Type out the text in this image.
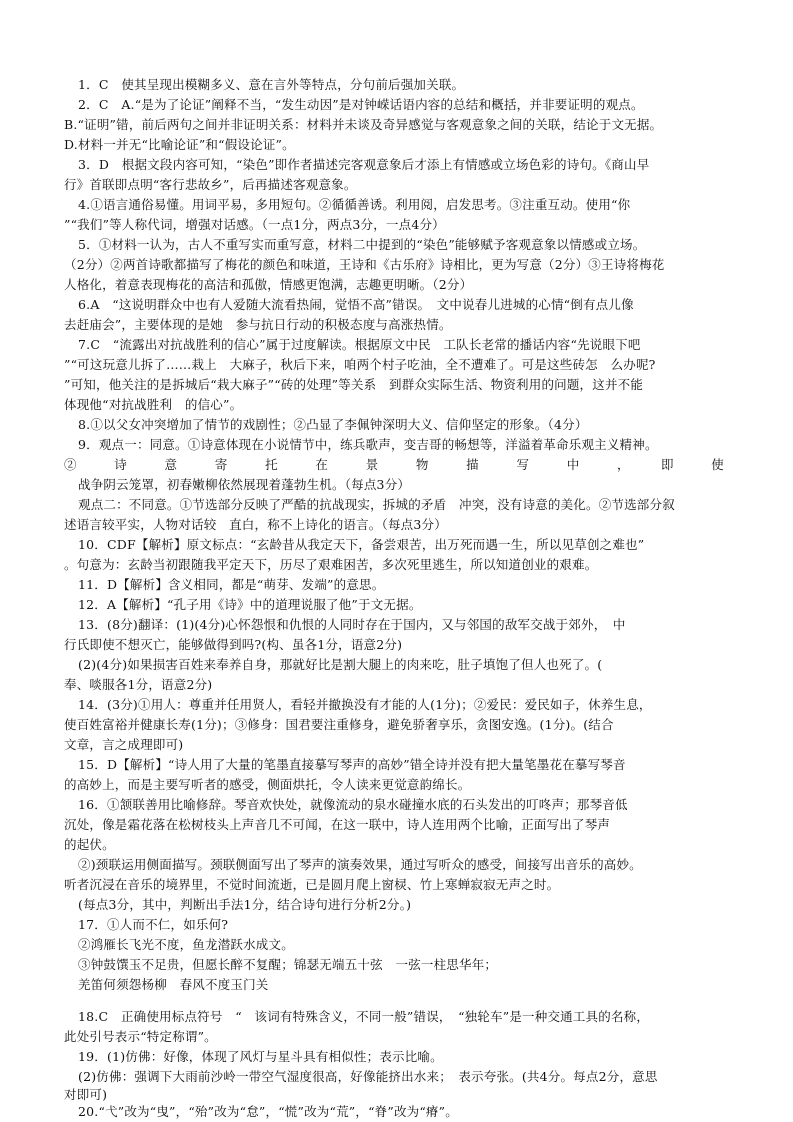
1．C　使其呈现出模糊多义、意在言外等特点，分句前后强加关联。
2．C　A.“是为了论证”阐释不当，“发生动因”是对钟嵘话语内容的总结和概括，并非要证明的观点。
B.“证明”错，前后两句之间并非证明关系：材料并未谈及奇异感觉与客观意象之间的关联，结论于文无据。
D.材料一并无“比喻论证”和“假设论证”。
3．D　根据文段内容可知，“染色”即作者描述完客观意象后才添上有情感或立场色彩的诗句。《商山早
行》首联即点明“客行悲故乡”，后再描述客观意象。
4.①语言通俗易懂。用词平易，多用短句。②循循善诱。利用阅，启发思考。③注重互动。使用“你
”“我们”等人称代词，增强对话感。（一点1分，两点3分，一点4分）
5．①材料一认为，古人不重写实而重写意，材料二中提到的“染色”能够赋予客观意象以情感或立场。
（2分）②两首诗歌都描写了梅花的颜色和味道，王诗和《古乐府》诗相比，更为写意（2分）③王诗将梅花
人格化，着意表现梅花的高洁和孤傲，情感更饱满，志趣更明晰。（2分）
6.A　“这说明群众中也有人爱随大流看热闹，觉悟不高”错误。　文中说春儿进城的心情“倒有点儿像
去赶庙会”，主要体现的是她　参与抗日行动的积极态度与高涨热情。
7.C　“流露出对抗战胜利的信心”属于过度解读。根据原文中民　工队长老常的播话内容“先说眼下吧
”“可这玩意儿拆了……栽上　大麻子，秋后下来，咱两个村子吃油，全不遭难了。可是这些砖怎　么办呢?
”可知，他关注的是拆城后“栽大麻子”“砖的处理”等关系　到群众实际生活、物资利用的问题，这并不能
体现他“对抗战胜利　的信心”。
8.①以父女冲突增加了情节的戏剧性；②凸显了李佩钟深明大义、信仰坚定的形象。（4分）
9．观点一：同意。①诗意体现在小说情节中，练兵歌声，变吉哥的畅想等，洋溢着革命乐观主义精神。
②　诗　意　寄　托　在　景　物　描　写　中　，　即　使
战争阴云笼罩，初春嫩柳依然展现着蓬勃生机。（每点3分）
观点二：不同意。①节选部分反映了严酷的抗战现实，拆城的矛盾　冲突，没有诗意的美化。②节选部分叙
述语言较平实，人物对话较　直白，称不上诗化的语言。（每点3分）
10．CDF【解析】原文标点：“玄龄昔从我定天下，备尝艰苦，出万死而遇一生，所以见草创之难也”
。句意为：玄龄当初跟随我平定天下，历尽了艰难困苦，多次死里逃生，所以知道创业的艰难。
11．D【解析】含义相同，都是“萌芽、发端”的意思。
12．A【解析】“孔子用《诗》中的道理说服了他”于文无据。
13．(8分)翻译：(1)(4分)心怀怨恨和仇恨的人同时存在于国内，又与邻国的敌军交战于郊外，　中
行氏即使不想灭亡，能够做得到吗?(构、虽各1分，语意2分)
(2)(4分)如果损害百姓来奉养自身，那就好比是割大腿上的肉来吃，肚子填饱了但人也死了。(
奉、啖服各1分，语意2分)
14．(3分)①用人：尊重并任用贤人，看轻并撤换没有才能的人(1分)；②爱民：爱民如子，休养生息，
使百姓富裕并健康长寿(1分)；③修身：国君要注重修身，避免骄奢享乐，贪图安逸。(1分)。(结合
文章，言之成理即可)
15．D【解析】“诗人用了大量的笔墨直接摹写琴声的高妙”错全诗并没有把大量笔墨花在摹写琴音
的高妙上，而是主要写听者的感受，侧面烘托，令人读来更觉意韵绵长。
16．①颔联善用比喻修辞。琴音欢快处，就像流动的泉水碰撞水底的石头发出的叮咚声；那琴音低
沉处，像是霜花落在松树枝头上声音几不可闻，在这一联中，诗人连用两个比喻，正面写出了琴声
的起伏。
②)颈联运用侧面描写。颈联侧面写出了琴声的演奏效果，通过写听众的感受，间接写出音乐的高妙。
听者沉浸在音乐的境界里，不觉时间流逝，已是圆月爬上窗棂、竹上寒蝉寂寂无声之时。
(每点3分，其中，判断出手法1分，结合诗句进行分析2分。)
17．①人而不仁，如乐何?
②鸿雁长飞光不度，鱼龙潜跃水成文。
③钟鼓馔玉不足贵，但愿长醉不复醒；锦瑟无端五十弦　一弦一柱思华年；
羌笛何须怨杨柳　春风不度玉门关
18.C　正确使用标点符号　“　该词有特殊含义，不同一般”错误，　“独轮车”是一种交通工具的名称，
此处引号表示“特定称谓”。
19．(1)仿佛：好像，体现了风灯与星斗具有相似性；表示比喻。
(2)仿佛：强调下大雨前沙岭一带空气湿度很高，好像能挤出水来；　表示夸张。(共4分。每点2分，意思
对即可)
20.“弋”改为“曳”，“殆”改为“怠”，“慌”改为“荒”，“脊”改为“瘠”。
